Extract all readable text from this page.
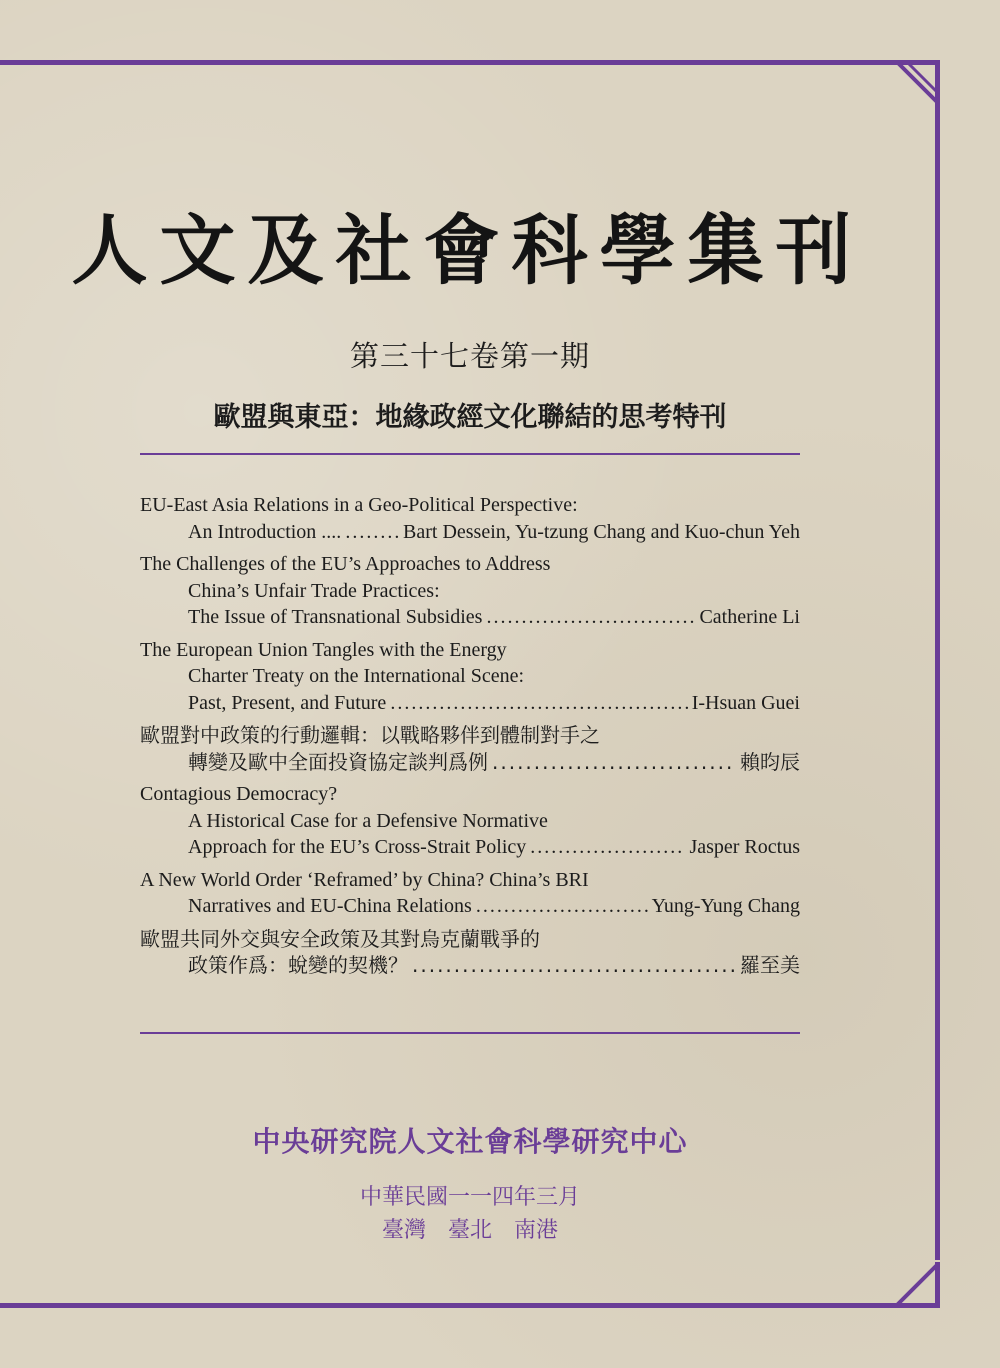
人文及社會科學集刊
第三十七卷第一期
歐盟與東亞：地緣政經文化聯結的思考特刊
EU-East Asia Relations in a Geo-Political Perspective:
An Introduction .... .....	Bart Dessein, Yu-tzung Chang and Kuo-chun Yeh
The Challenges of the EU’s Approaches to Address
China’s Unfair Trade Practices:
The Issue of Transnational Subsidies .....	Catherine Li
The European Union Tangles with the Energy
Charter Treaty on the International Scene:
Past, Present, and Future .....	I-Hsuan Guei
歐盟對中政策的行動邏輯：以戰略夥伴到體制對手之
轉變及歐中全面投資協定談判爲例 .....	賴昀辰
Contagious Democracy?
A Historical Case for a Defensive Normative
Approach for the EU’s Cross-Strait Policy .....	Jasper Roctus
A New World Order ‘Reframed’ by China? China’s BRI
Narratives and EU-China Relations .....	Yung-Yung Chang
歐盟共同外交與安全政策及其對烏克蘭戰爭的
政策作爲：蛻變的契機？ .....	羅至美
中央研究院人文社會科學研究中心
中華民國一一四年三月
臺灣　臺北　南港
